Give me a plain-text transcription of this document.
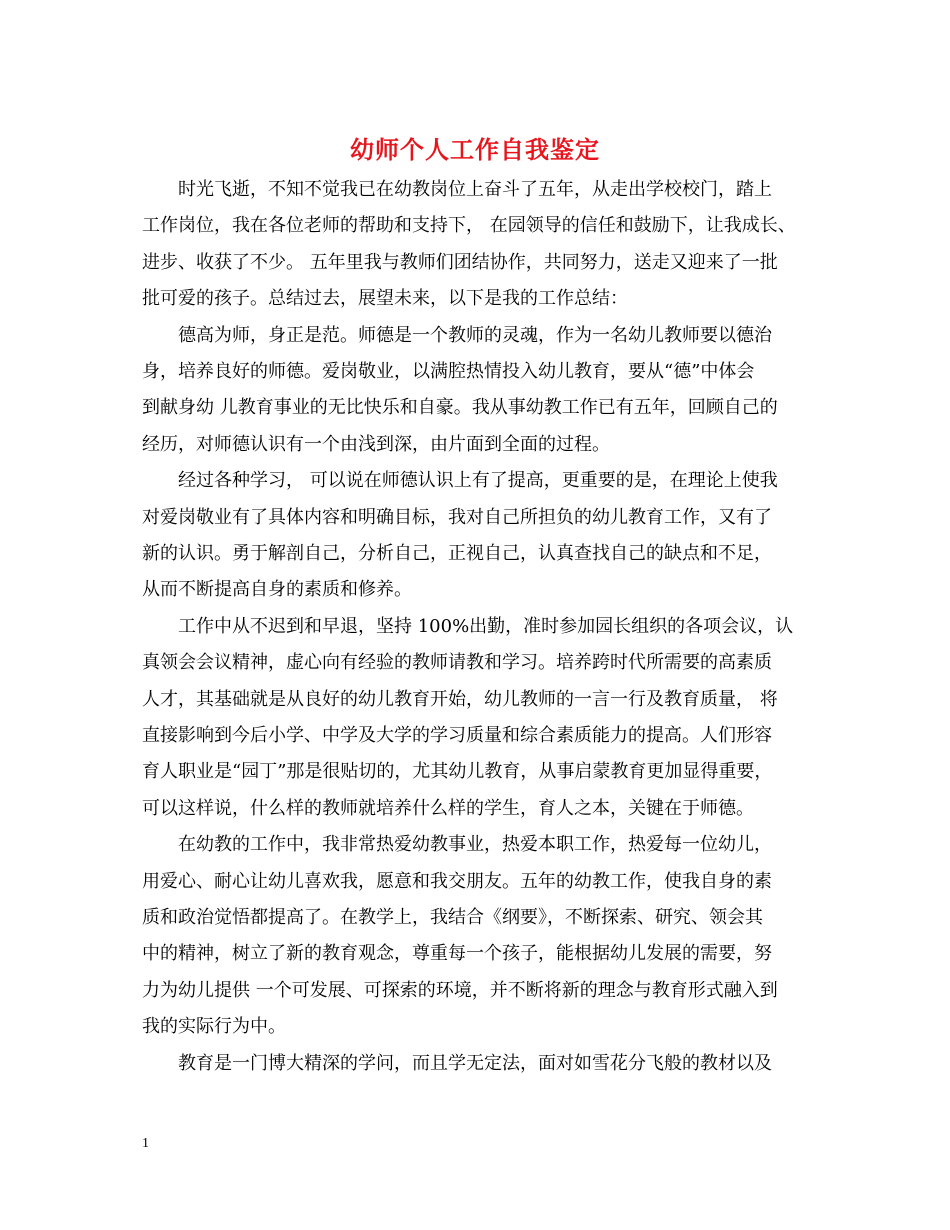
幼师个人工作自我鉴定
　　时光飞逝，不知不觉我已在幼教岗位上奋斗了五年，从走出学校校门，踏上
工作岗位，我在各位老师的帮助和支持下， 在园领导的信任和鼓励下，让我成长、
进步、收获了不少。 五年里我与教师们团结协作，共同努力，送走又迎来了一批
批可爱的孩子。总结过去，展望未来，以下是我的工作总结：
　　德高为师，身正是范。师德是一个教师的灵魂，作为一名幼儿教师要以德治
身，培养良好的师德。爱岗敬业，以满腔热情投入幼儿教育，要从“德”中体会
到献身幼 儿教育事业的无比快乐和自豪。我从事幼教工作已有五年，回顾自己的
经历，对师德认识有一个由浅到深，由片面到全面的过程。
　　经过各种学习， 可以说在师德认识上有了提高，更重要的是，在理论上使我
对爱岗敬业有了具体内容和明确目标，我对自己所担负的幼儿教育工作，又有了
新的认识。勇于解剖自己，分析自己，正视自己，认真查找自己的缺点和不足，
从而不断提高自身的素质和修养。
　　工作中从不迟到和早退，坚持 100%出勤，准时参加园长组织的各项会议，认
真领会会议精神，虚心向有经验的教师请教和学习。培养跨时代所需要的高素质
人才，其基础就是从良好的幼儿教育开始，幼儿教师的一言一行及教育质量， 将
直接影响到今后小学、中学及大学的学习质量和综合素质能力的提高。人们形容
育人职业是“园丁”那是很贴切的，尤其幼儿教育，从事启蒙教育更加显得重要，
可以这样说，什么样的教师就培养什么样的学生，育人之本，关键在于师德。
　　在幼教的工作中，我非常热爱幼教事业，热爱本职工作，热爱每一位幼儿，
用爱心、耐心让幼儿喜欢我，愿意和我交朋友。五年的幼教工作，使我自身的素
质和政治觉悟都提高了。在教学上，我结合《纲要》，不断探索、研究、领会其
中的精神，树立了新的教育观念，尊重每一个孩子，能根据幼儿发展的需要，努
力为幼儿提供 一个可发展、可探索的环境，并不断将新的理念与教育形式融入到
我的实际行为中。
　　教育是一门博大精深的学问，而且学无定法，面对如雪花分飞般的教材以及
1
